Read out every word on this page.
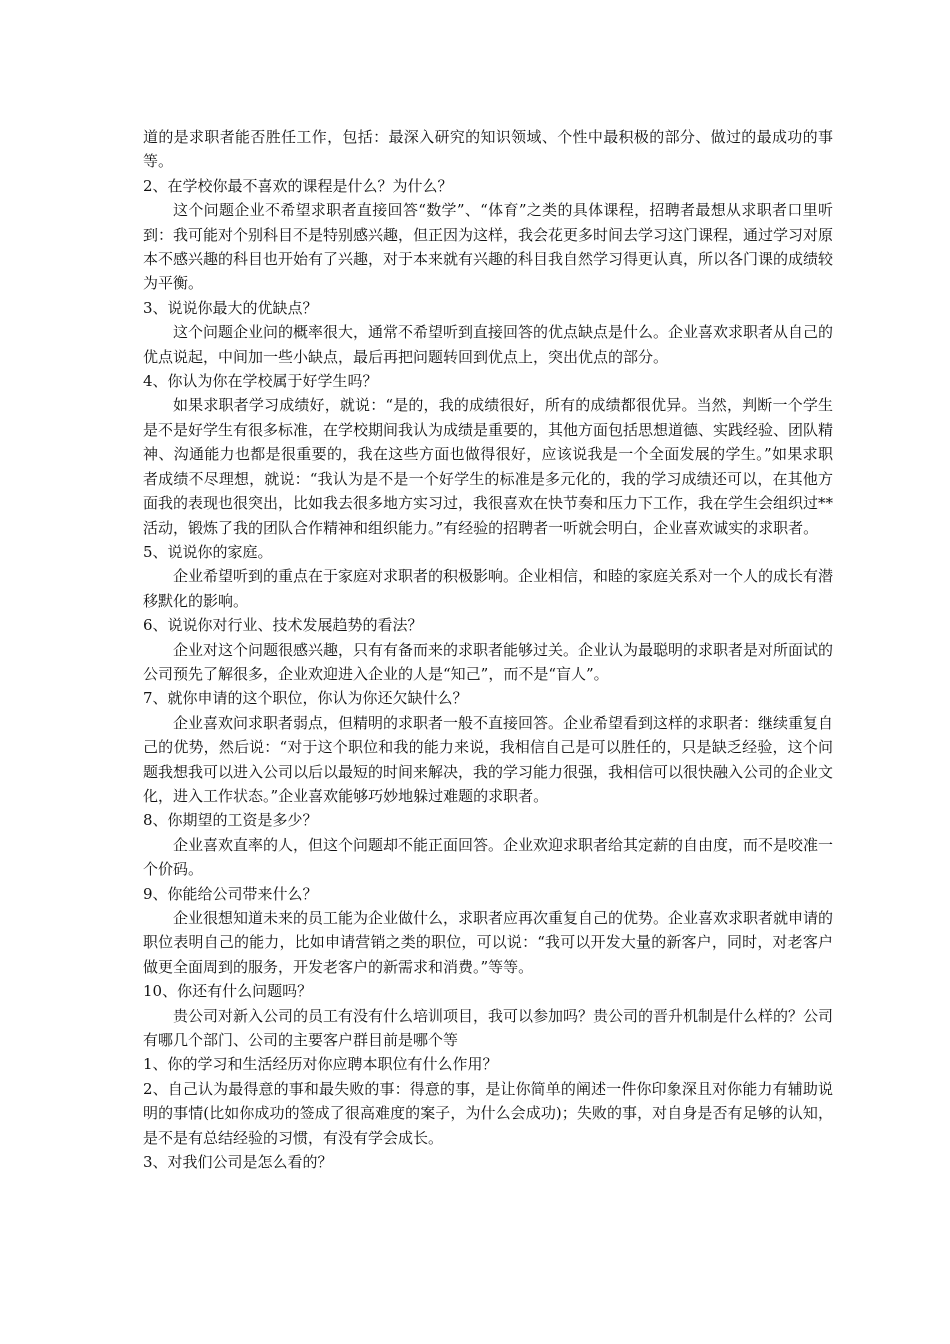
道的是求职者能否胜任工作，包括：最深入研究的知识领域、个性中最积极的部分、做过的最成功的事等。

2、在学校你最不喜欢的课程是什么？为什么？

这个问题企业不希望求职者直接回答“数学”、“体育”之类的具体课程，招聘者最想从求职者口里听到：我可能对个别科目不是特别感兴趣，但正因为这样，我会花更多时间去学习这门课程，通过学习对原本不感兴趣的科目也开始有了兴趣，对于本来就有兴趣的科目我自然学习得更认真，所以各门课的成绩较为平衡。

3、说说你最大的优缺点？

这个问题企业问的概率很大，通常不希望听到直接回答的优点缺点是什么。企业喜欢求职者从自己的优点说起，中间加一些小缺点，最后再把问题转回到优点上，突出优点的部分。

4、你认为你在学校属于好学生吗？

如果求职者学习成绩好，就说：“是的，我的成绩很好，所有的成绩都很优异。当然，判断一个学生是不是好学生有很多标准，在学校期间我认为成绩是重要的，其他方面包括思想道德、实践经验、团队精神、沟通能力也都是很重要的，我在这些方面也做得很好，应该说我是一个全面发展的学生。”如果求职者成绩不尽理想，就说：“我认为是不是一个好学生的标准是多元化的，我的学习成绩还可以，在其他方面我的表现也很突出，比如我去很多地方实习过，我很喜欢在快节奏和压力下工作，我在学生会组织过**活动，锻炼了我的团队合作精神和组织能力。”有经验的招聘者一听就会明白，企业喜欢诚实的求职者。

5、说说你的家庭。

企业希望听到的重点在于家庭对求职者的积极影响。企业相信，和睦的家庭关系对一个人的成长有潜移默化的影响。

6、说说你对行业、技术发展趋势的看法？

企业对这个问题很感兴趣，只有有备而来的求职者能够过关。企业认为最聪明的求职者是对所面试的公司预先了解很多，企业欢迎进入企业的人是“知己”，而不是“盲人”。

7、就你申请的这个职位，你认为你还欠缺什么？

企业喜欢问求职者弱点，但精明的求职者一般不直接回答。企业希望看到这样的求职者：继续重复自己的优势，然后说：“对于这个职位和我的能力来说，我相信自己是可以胜任的，只是缺乏经验，这个问题我想我可以进入公司以后以最短的时间来解决，我的学习能力很强，我相信可以很快融入公司的企业文化，进入工作状态。”企业喜欢能够巧妙地躲过难题的求职者。

8、你期望的工资是多少？

企业喜欢直率的人，但这个问题却不能正面回答。企业欢迎求职者给其定薪的自由度，而不是咬准一个价码。

9、你能给公司带来什么？

企业很想知道未来的员工能为企业做什么，求职者应再次重复自己的优势。企业喜欢求职者就申请的职位表明自己的能力，比如申请营销之类的职位，可以说：“我可以开发大量的新客户，同时，对老客户做更全面周到的服务，开发老客户的新需求和消费。”等等。

10、你还有什么问题吗？

贵公司对新入公司的员工有没有什么培训项目，我可以参加吗？贵公司的晋升机制是什么样的？公司有哪几个部门、公司的主要客户群目前是哪个等

1、你的学习和生活经历对你应聘本职位有什么作用？

2、自己认为最得意的事和最失败的事：得意的事，是让你简单的阐述一件你印象深且对你能力有辅助说明的事情(比如你成功的签成了很高难度的案子，为什么会成功)；失败的事，对自身是否有足够的认知，是不是有总结经验的习惯，有没有学会成长。

3、对我们公司是怎么看的？
